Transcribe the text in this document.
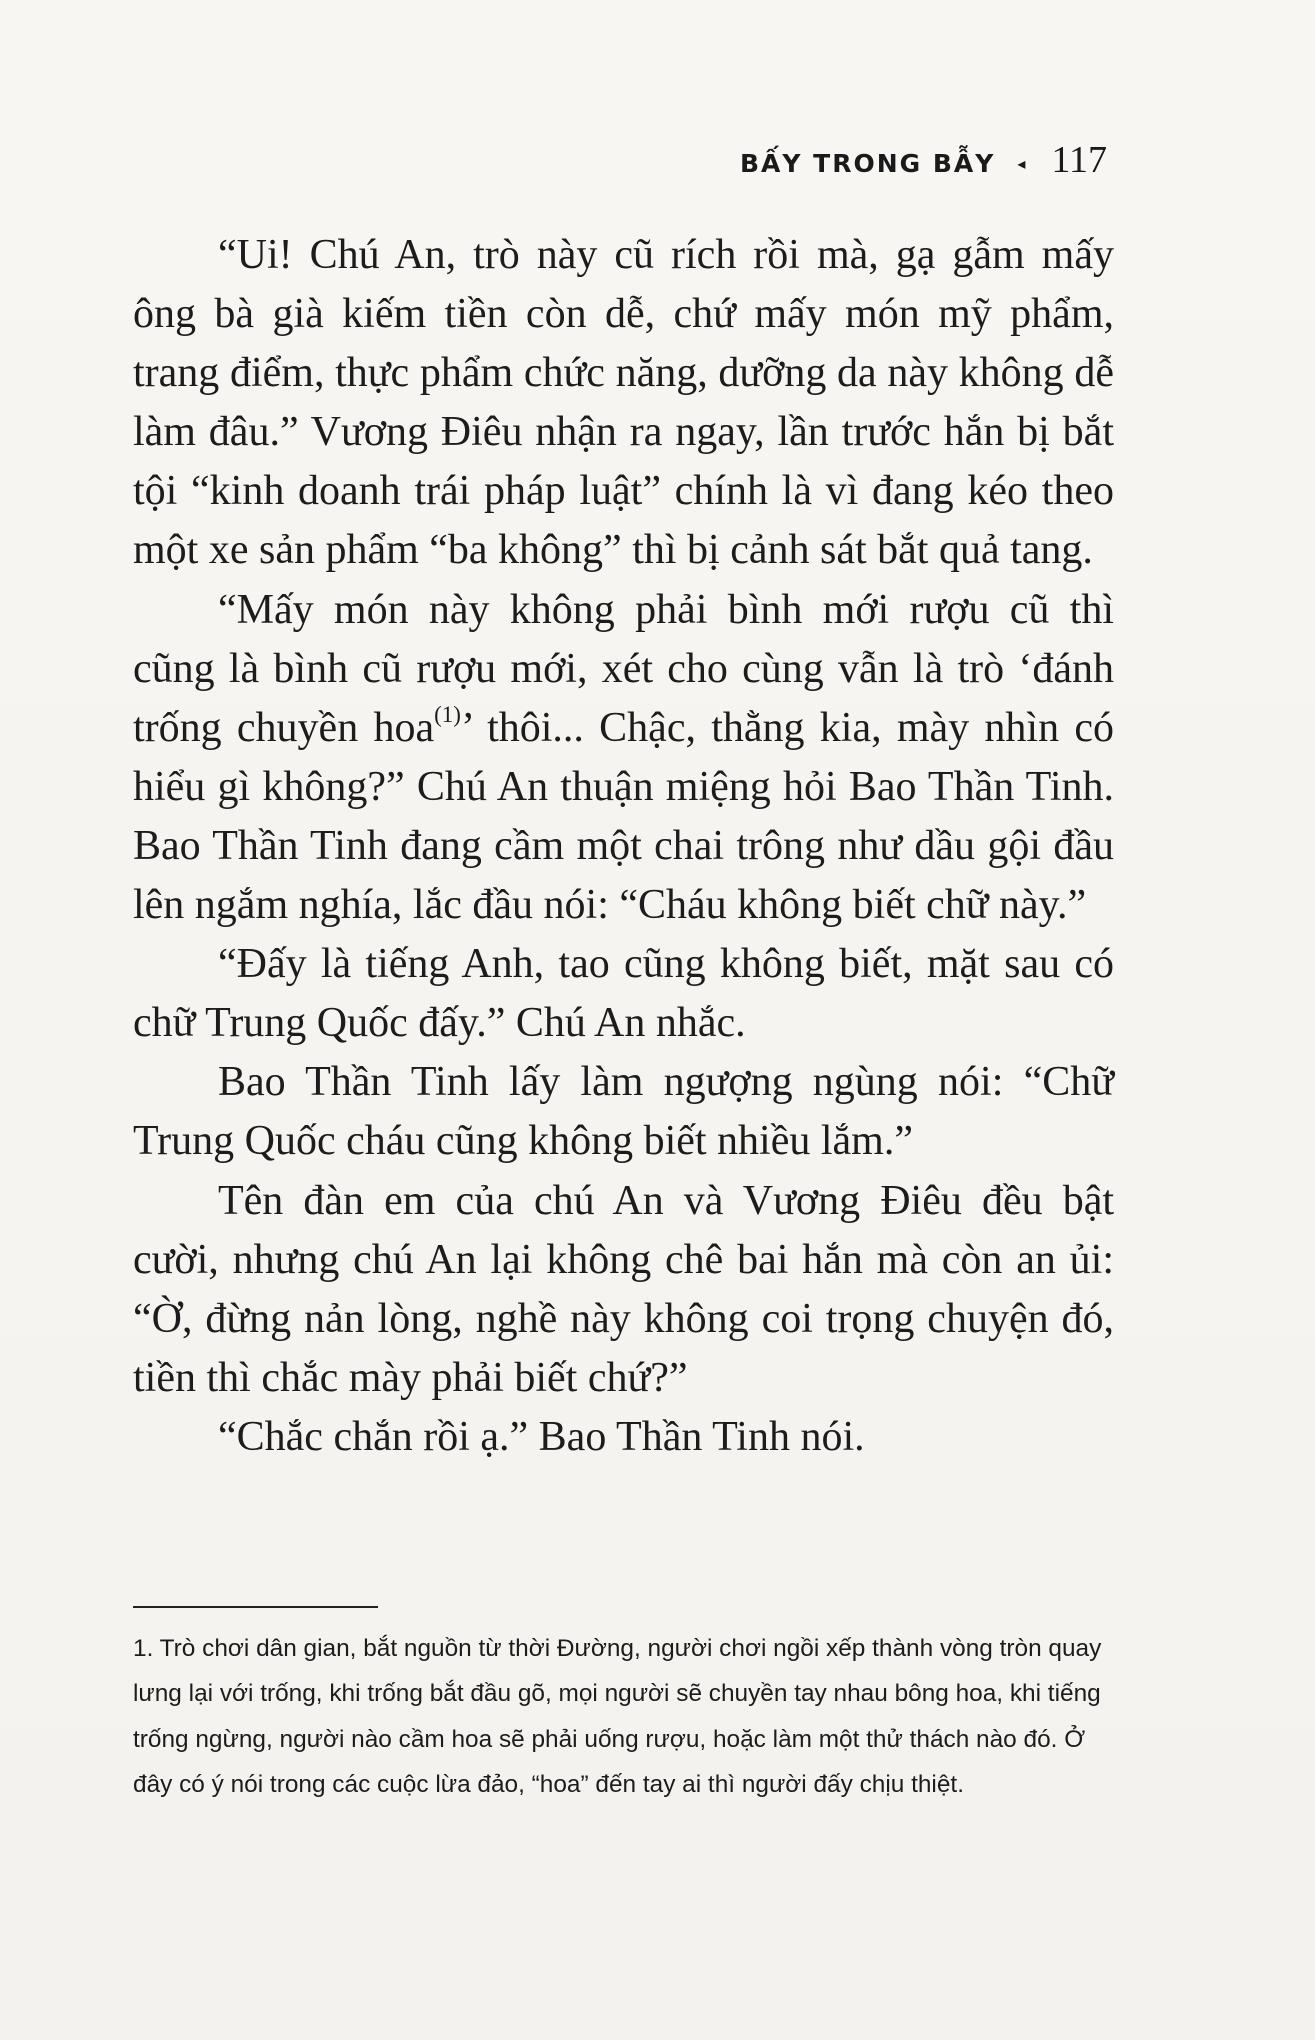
BẤY TRONG BẪY ◂ 117

“Ui! Chú An, trò này cũ rích rồi mà, gạ gẫm mấy ông bà già kiếm tiền còn dễ, chứ mấy món mỹ phẩm, trang điểm, thực phẩm chức năng, dưỡng da này không dễ làm đâu.” Vương Điêu nhận ra ngay, lần trước hắn bị bắt tội “kinh doanh trái pháp luật” chính là vì đang kéo theo một xe sản phẩm “ba không” thì bị cảnh sát bắt quả tang.

“Mấy món này không phải bình mới rượu cũ thì cũng là bình cũ rượu mới, xét cho cùng vẫn là trò ‘đánh trống chuyền hoa$^{(1)}$’ thôi... Chậc, thằng kia, mày nhìn có hiểu gì không?” Chú An thuận miệng hỏi Bao Thần Tinh. Bao Thần Tinh đang cầm một chai trông như dầu gội đầu lên ngắm nghía, lắc đầu nói: “Cháu không biết chữ này.”

“Đấy là tiếng Anh, tao cũng không biết, mặt sau có chữ Trung Quốc đấy.” Chú An nhắc.

Bao Thần Tinh lấy làm ngượng ngùng nói: “Chữ Trung Quốc cháu cũng không biết nhiều lắm.”

Tên đàn em của chú An và Vương Điêu đều bật cười, nhưng chú An lại không chê bai hắn mà còn an ủi: “Ờ, đừng nản lòng, nghề này không coi trọng chuyện đó, tiền thì chắc mày phải biết chứ?”

“Chắc chắn rồi ạ.” Bao Thần Tinh nói.

1. Trò chơi dân gian, bắt nguồn từ thời Đường, người chơi ngồi xếp thành vòng tròn quay lưng lại với trống, khi trống bắt đầu gõ, mọi người sẽ chuyền tay nhau bông hoa, khi tiếng trống ngừng, người nào cầm hoa sẽ phải uống rượu, hoặc làm một thử thách nào đó. Ở đây có ý nói trong các cuộc lừa đảo, “hoa” đến tay ai thì người đấy chịu thiệt.
